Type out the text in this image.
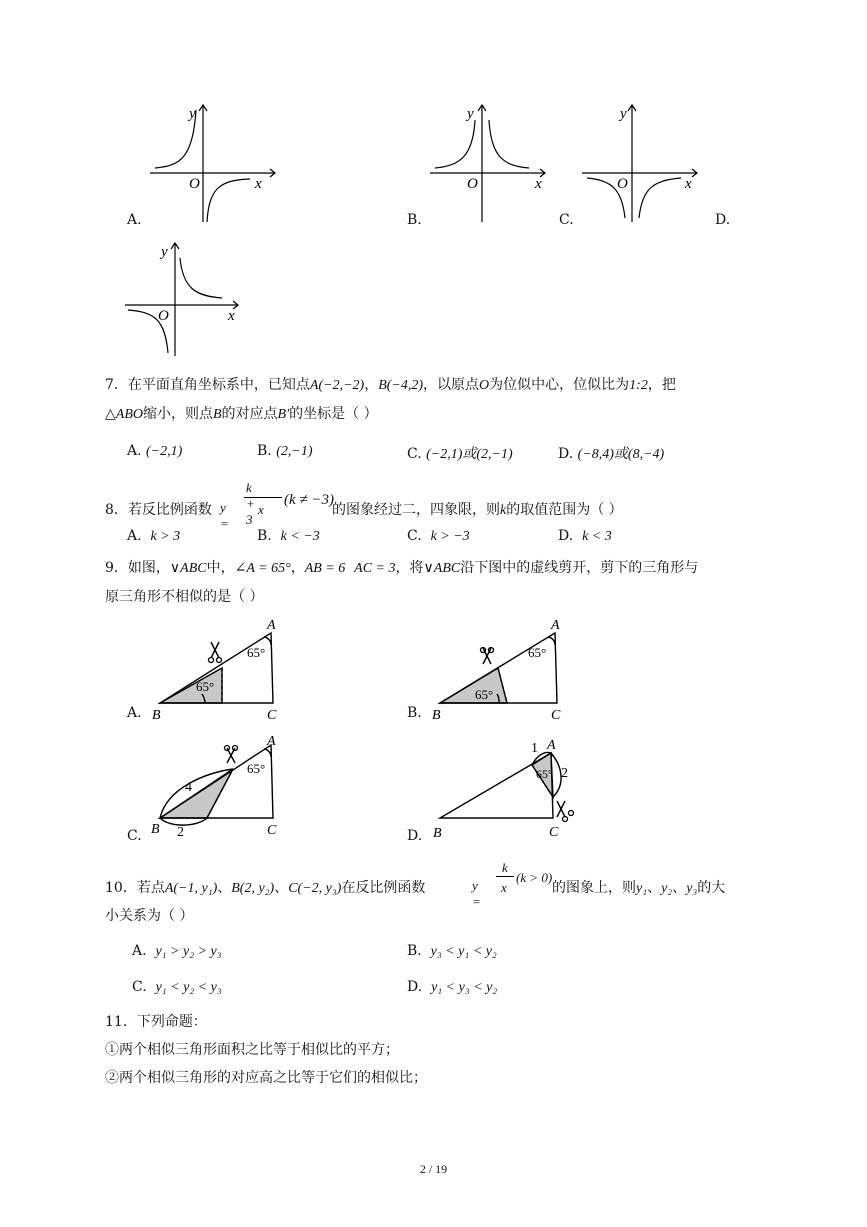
y
O	x
A.
y
O	x
B.
y
O	x
C.	D.
y
O	x
7．在平面直角坐标系中，已知点A(−2,−2)，B(−4,2)，以原点O为位似中心，位似比为1:2，把
△ABO缩小，则点B的对应点B′的坐标是（ ）
A. (−2,1)	B. (2,−1)	C. (−2,1)或(2,−1)	D. (−8,4)或(8,−4)
8．若反比例函数 y =
k + 3
x
(k ≠ −3)
的图象经过二，四象限，则k的取值范围为（ ）
A. k > 3	B. k < −3	C. k > −3	D. k < 3
9．如图，∨ABC中，∠A = 65°，AB = 6 AC = 3，将∨ABC沿下图中的虚线剪开，剪下的三角形与
原三角形不相似的是（ ）
A
B	C
65°
65°
A.
A
B	C
65°
65°
B.
A
B	C
65°
4
2
C.
A
1
2
65°
B	C
D.
10．若点A(−1, y₁)、B(2, y₂)、C(−2, y₃)在反比例函数	y =
k
x
(k > 0)
的图象上，则y₁、y₂、y₃的大
小关系为（ ）
A. y₁ > y₂ > y₃	B. y₃ < y₁ < y₂
C. y₁ < y₂ < y₃	D. y₁ < y₃ < y₂
11．下列命题：
①两个相似三角形面积之比等于相似比的平方；
②两个相似三角形的对应高之比等于它们的相似比；
2 / 19
